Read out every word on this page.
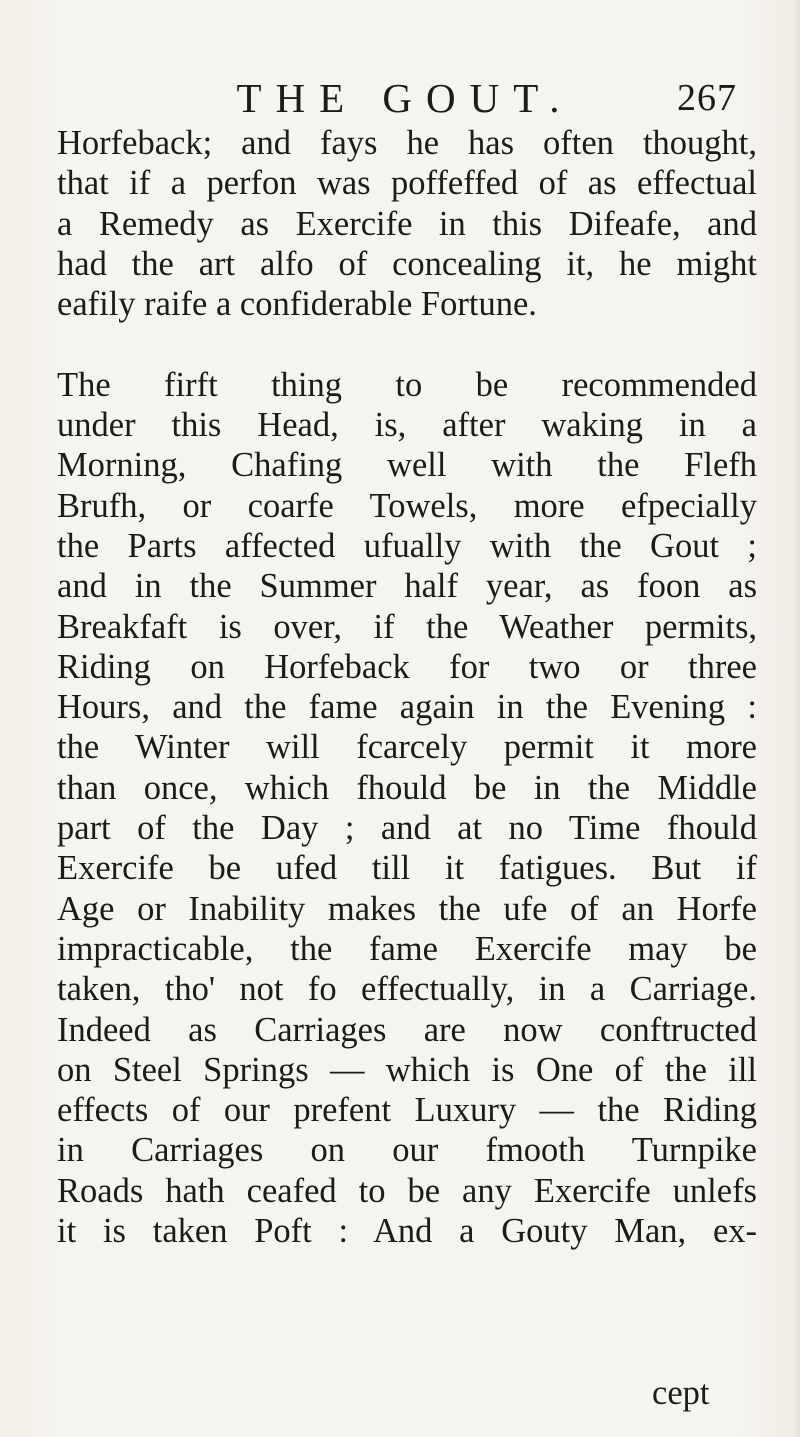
THE GOUT.	267
Horfeback; and fays he has often thought,
that if a perfon was poffeffed of as effectual
a Remedy as Exercife in this Difeafe, and
had the art alfo of concealing it, he might
eafily raife a confiderable Fortune.
The firft thing to be recommended
under this Head, is, after waking in a
Morning, Chafing well with the Flefh
Brufh, or coarfe Towels, more efpecially
the Parts affected ufually with the Gout ;
and in the Summer half year, as foon as
Breakfaft is over, if the Weather permits,
Riding on Horfeback for two or three
Hours, and the fame again in the Evening :
the Winter will fcarcely permit it more
than once, which fhould be in the Middle
part of the Day ; and at no Time fhould
Exercife be ufed till it fatigues. But if
Age or Inability makes the ufe of an Horfe
impracticable, the fame Exercife may be
taken, tho' not fo effectually, in a Carriage.
Indeed as Carriages are now conftructed
on Steel Springs — which is One of the ill
effects of our prefent Luxury — the Riding
in Carriages on our fmooth Turnpike
Roads hath ceafed to be any Exercife unlefs
it is taken Poft : And a Gouty Man, ex-
cept
